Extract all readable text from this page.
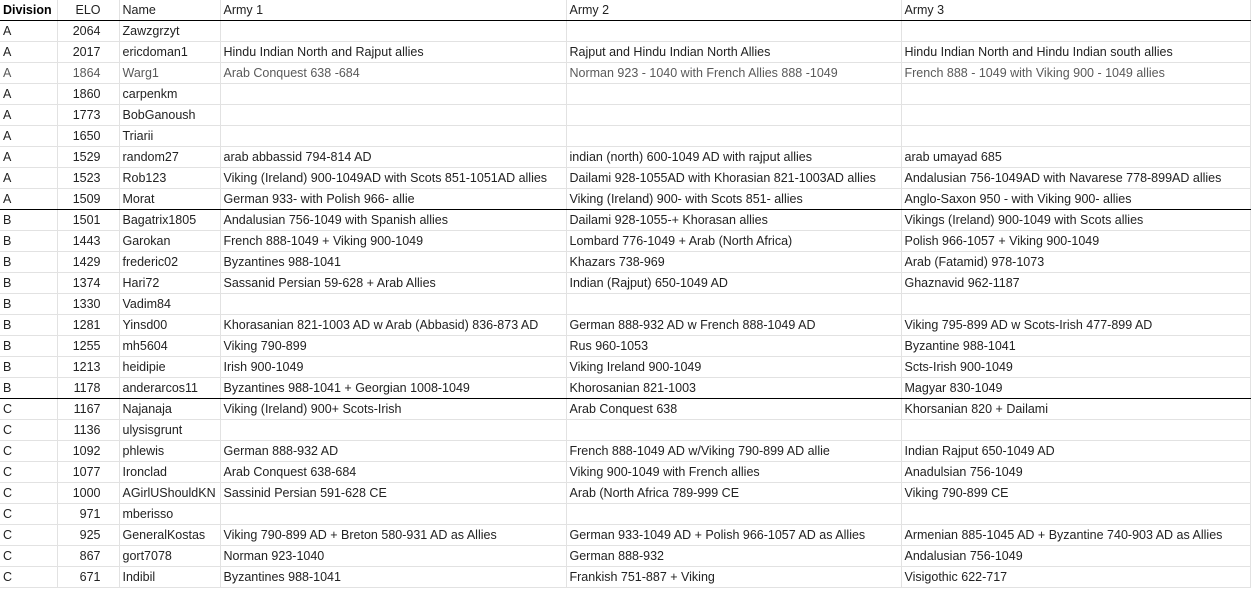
Division	ELO	Name	Army 1	Army 2	Army 3
A	2064	Zawzgrzyt			
A	2017	ericdoman1	Hindu Indian North and Rajput allies	Rajput and Hindu Indian North Allies	Hindu Indian North and Hindu Indian south allies
A	1864	Warg1	Arab Conquest 638 -684	Norman 923 - 1040 with French Allies 888 -1049	French 888 - 1049 with Viking 900 - 1049 allies
A	1860	carpenkm			
A	1773	BobGanoush			
A	1650	Triarii			
A	1529	random27	arab abbassid 794-814 AD	indian (north) 600-1049 AD with rajput allies	arab umayad 685
A	1523	Rob123	Viking (Ireland) 900-1049AD with Scots 851-1051AD allies	Dailami 928-1055AD with Khorasian 821-1003AD allies	Andalusian 756-1049AD with Navarese 778-899AD allies
A	1509	Morat	German 933- with Polish 966- allie	Viking (Ireland) 900- with Scots 851- allies	Anglo-Saxon 950 - with Viking 900- allies
B	1501	Bagatrix1805	Andalusian 756-1049 with Spanish allies	Dailami 928-1055-+ Khorasan allies	Vikings (Ireland) 900-1049 with Scots allies
B	1443	Garokan	French 888-1049 + Viking 900-1049	Lombard 776-1049 + Arab (North Africa)	Polish 966-1057 + Viking 900-1049
B	1429	frederic02	Byzantines 988-1041	Khazars 738-969	Arab (Fatamid) 978-1073
B	1374	Hari72	Sassanid Persian 59-628 + Arab Allies	Indian (Rajput) 650-1049 AD	Ghaznavid 962-1187
B	1330	Vadim84			
B	1281	Yinsd00	Khorasanian 821-1003 AD w Arab (Abbasid) 836-873 AD	German 888-932 AD w French 888-1049 AD	Viking 795-899 AD w Scots-Irish 477-899 AD
B	1255	mh5604	Viking 790-899	Rus 960-1053	Byzantine 988-1041
B	1213	heidipie	Irish 900-1049	Viking Ireland 900-1049	Scts-Irish 900-1049
B	1178	anderarcos11	Byzantines 988-1041 + Georgian 1008-1049	Khorosanian 821-1003	Magyar 830-1049
C	1167	Najanaja	Viking (Ireland) 900+ Scots-Irish	Arab Conquest 638	Khorsanian 820 + Dailami
C	1136	ulysisgrunt			
C	1092	phlewis	German 888-932 AD	French 888-1049 AD w/Viking 790-899 AD allie	Indian Rajput 650-1049 AD
C	1077	Ironclad	Arab Conquest 638-684	Viking 900-1049 with French allies	Anadulsian 756-1049
C	1000	AGirlUShouldKN	Sassinid Persian 591-628 CE	Arab (North Africa 789-999 CE	Viking 790-899 CE
C	971	mberisso			
C	925	GeneralKostas	Viking 790-899 AD + Breton 580-931 AD as Allies	German 933-1049 AD + Polish 966-1057 AD as Allies	Armenian 885-1045 AD + Byzantine 740-903 AD as Allies
C	867	gort7078	Norman 923-1040	German 888-932	Andalusian 756-1049
C	671	Indibil	Byzantines 988-1041	Frankish 751-887 + Viking	Visigothic 622-717
